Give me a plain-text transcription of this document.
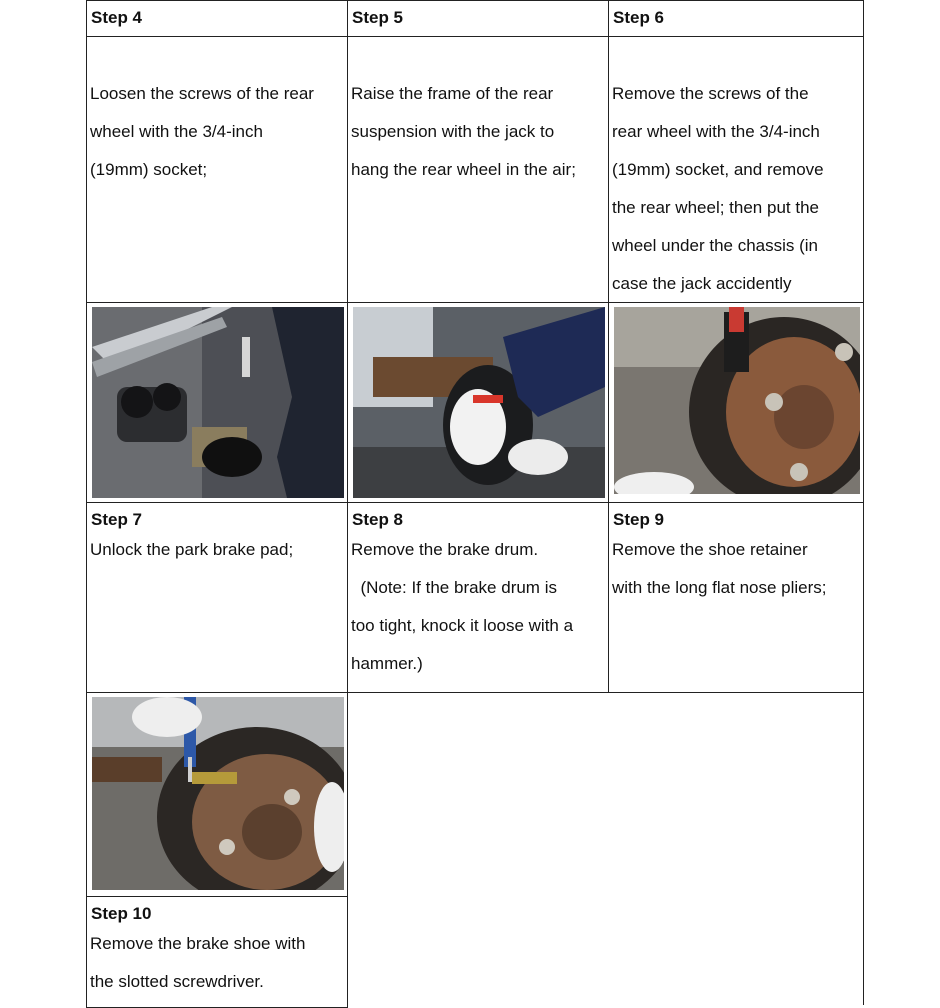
Step 4	Step 5	Step 6

Loosen the screws of the rear
wheel with the 3/4-inch
(19mm) socket;

Raise the frame of the rear
suspension with the jack to
hang the rear wheel in the air;

Remove the screws of the
rear wheel with the 3/4-inch
(19mm) socket, and remove
the rear wheel; then put the
wheel under the chassis (in
case the jack accidently

Step 7
Unlock the park brake pad;
Step 8
Remove the brake drum.
(Note: If the brake drum is
too tight, knock it loose with a
hammer.)
Step 9
Remove the shoe retainer
with the long flat nose pliers;
Step 10
Remove the brake shoe with
the slotted screwdriver.
